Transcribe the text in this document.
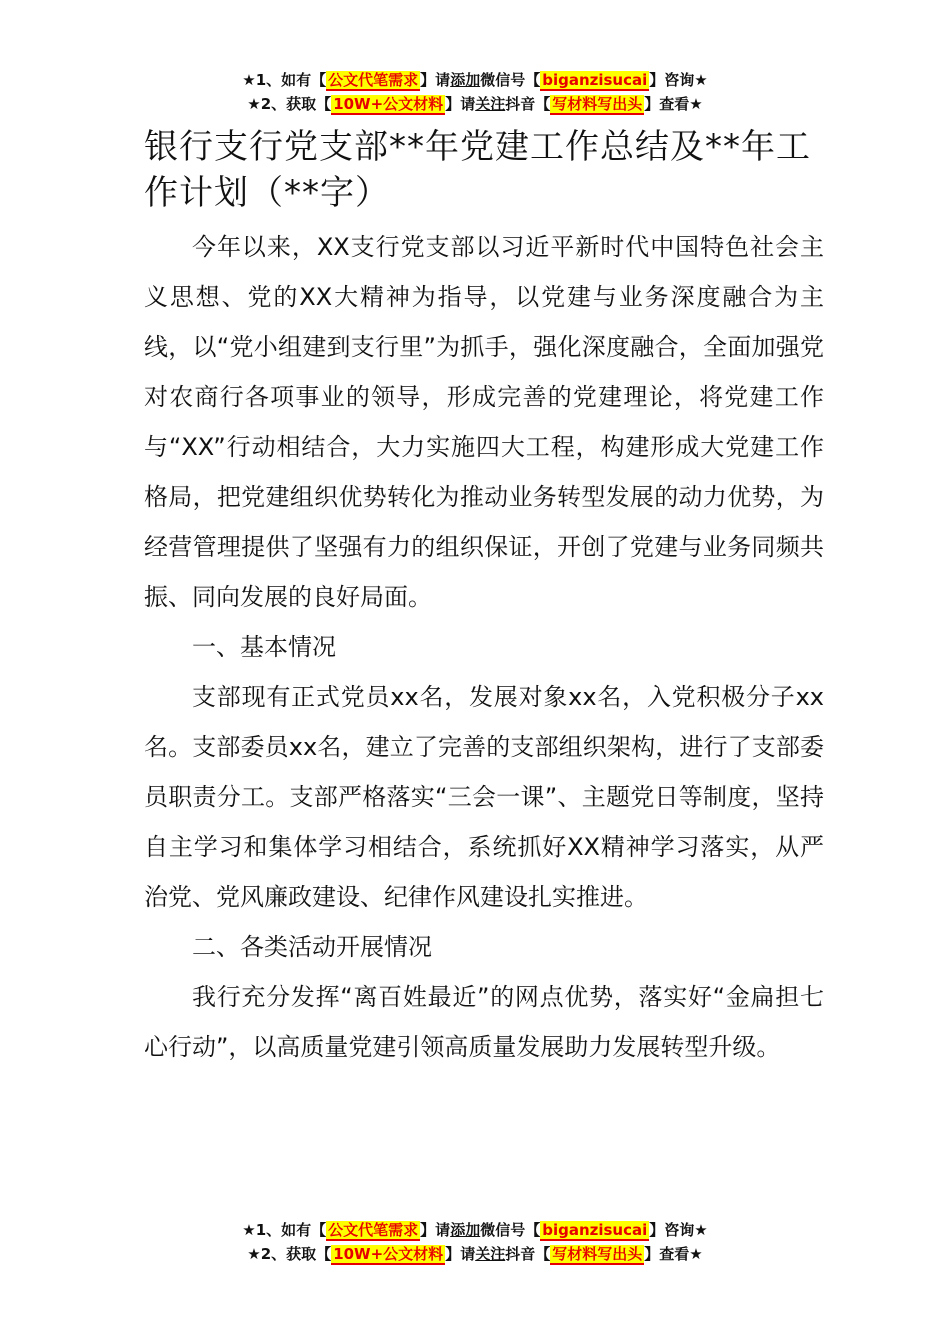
★1、如有【 公文代笔需求 】请添加微信号【 biganzisucai 】咨询★
★2、获取【 10W+公文材料 】请关注抖音【 写材料写出头 】查看★
银行支行党支部**年党建工作总结及**年工作计划（**字）

今年以来，XX支行党支部以习近平新时代中国特色社会主义思想、党的XX大精神为指导，以党建与业务深度融合为主线，以“党小组建到支行里”为抓手，强化深度融合，全面加强党对农商行各项事业的领导，形成完善的党建理论，将党建工作与“XX”行动相结合，大力实施四大工程，构建形成大党建工作格局，把党建组织优势转化为推动业务转型发展的动力优势，为经营管理提供了坚强有力的组织保证，开创了党建与业务同频共振、同向发展的良好局面。

一、基本情况

支部现有正式党员xx名，发展对象xx名，入党积极分子xx名。支部委员xx名，建立了完善的支部组织架构，进行了支部委员职责分工。支部严格落实“三会一课”、主题党日等制度，坚持自主学习和集体学习相结合，系统抓好XX精神学习落实，从严治党、党风廉政建设、纪律作风建设扎实推进。

二、各类活动开展情况

我行充分发挥“离百姓最近”的网点优势，落实好“金扁担七心行动”，以高质量党建引领高质量发展助力发展转型升级。

★1、如有【 公文代笔需求 】请添加微信号【 biganzisucai 】咨询★
★2、获取【 10W+公文材料 】请关注抖音【 写材料写出头 】查看★
